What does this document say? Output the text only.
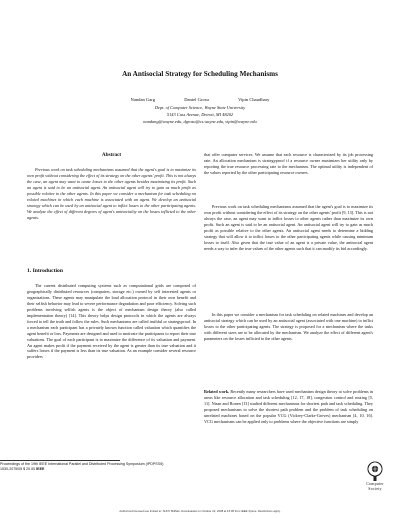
An Antisocial Strategy for Scheduling Mechanisms
Nandan Garg	Daniel Grosu	Vipin Chaudhary
Dept. of Computer Science, Wayne State University
5143 Cass Avenue, Detroit, MI 48202
nandang@wayne.edu, dgrosu@cs.wayne.edu, vipin@wayne.edu
Abstract
Previous work on task scheduling mechanisms assumed that the agent's goal is to maximize its own profit without considering the effect of its strategy on the other agents' profit. This is not always the case, an agent may want to cause losses to the other agents besides maximizing its profit. Such an agent is said to be an antisocial agent. An antisocial agent will try to gain as much profit as possible relative to the other agents. In this paper we consider a mechanism for task scheduling on related machines in which each machine is associated with an agent. We develop an antisocial strategy which can be used by an antisocial agent to inflict losses to the other participating agents. We analyze the effect of different degrees of agent's antisociality on the losses inflicted to the other agents.
1. Introduction
The current distributed computing systems such as computational grids are composed of geographically distributed resources (computers, storage etc.) owned by self interested agents or organizations. These agents may manipulate the load allocation protocol in their own benefit and their selfish behavior may lead to severe performance degradation and poor efficiency. Solving such problems involving selfish agents is the object of mechanism design theory (also called implementation theory) [14]. This theory helps design protocols in which the agents are always forced to tell the truth and follow the rules. Such mechanisms are called truthful or strategyproof. In a mechanism each participant has a privately known function called valuation which quantifies the agent benefit or loss. Payments are designed and used to motivate the participants to report their true valuations. The goal of each participant is to maximize the difference of its valuation and payment. An agent makes profit if the payment received by the agent is greater than its true valuation and it suffers losses if the payment is less than its true valuation. As an example consider several resource providers
that offer computer services. We assume that each resource is characterized by its job processing rate. An allocation mechanism is strategyproof if a resource owner maximizes her utility only by reporting the true resource processing rate to the mechanism. The optimal utility is independent of the values reported by the other participating resource owners.
Previous work on task scheduling mechanisms assumed that the agent's goal is to maximize its own profit without considering the effect of its strategy on the other agents' profit [9, 13]. This is not always the case, an agent may want to inflict losses to other agents rather than maximize its own profit. Such an agent is said to be an antisocial agent. An antisocial agent will try to gain as much profit as possible relative to the other agents. An antisocial agent needs to determine a bidding strategy that will allow it to inflict losses to the other participating agents while causing minimum losses to itself. Also given that the true value of an agent is a private value, the antisocial agent needs a way to infer the true values of the other agents such that it can modify its bid accordingly.
In this paper we consider a mechanism for task scheduling on related machines and develop an antisocial strategy which can be used by an antisocial agent (associated with one machine) to inflict losses to the other participating agents. The strategy is proposed for a mechanism where the tasks with different sizes are to be allocated by the mechanism. We analyze the effect of different agent's parameters on the losses inflicted to the other agents.
Related work. Recently many researchers have used mechanism design theory to solve problems in areas like resource allocation and task scheduling [12, 17, 18], congestion control and routing [5, 11]. Nisan and Ronen [13] studied different mechanisms for shortest path and task scheduling. They proposed mechanisms to solve the shortest path problem and the problem of task scheduling on unrelated machines based on the popular VCG (Vickrey-Clarke-Groves) mechanism [4, 10, 16]. VCG mechanisms can be applied only to problems where the objective functions are simply
Proceedings of the 19th IEEE International Parallel and Distributed Processing Symposium (IPDPS'05)
1530-2075/05 $ 20.00 IEEE
Computer
Society
Authorized licensed use limited to: SUNY Buffalo. Downloaded on October 22, 2008 at 15:38 from IEEE Xplore. Restrictions apply.
